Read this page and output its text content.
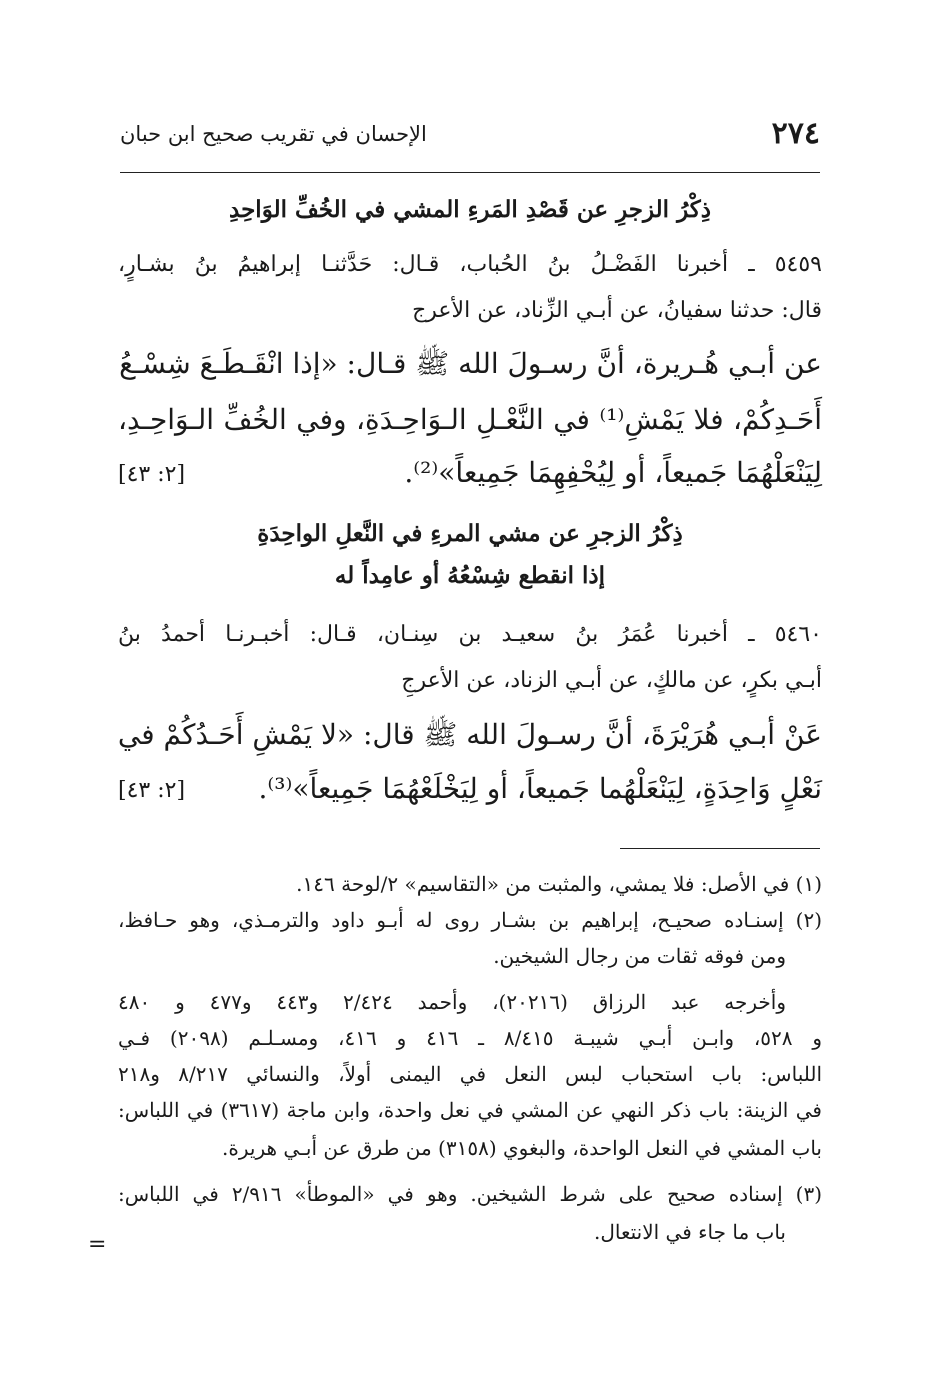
٢٧٤
الإحسان في تقريب صحيح ابن حبان
ذِكْرُ الزجرِ عن قَصْدِ المَرءِ المشي في الخُفِّ الوَاحِدِ
٥٤٥٩ ـ أخبرنا الفَضْـلُ بنُ الحُباب، قـال: حَدَّثنـا إبراهيمُ بنُ بشـارٍ،
قال: حدثنا سفيانُ، عن أبـي الزِّناد، عن الأعرج
عن أبـي هُـريرة، أنَّ رسـولَ الله ﷺ قـال: «إذا انْقَـطَـعَ شِسْـعُ
أَحَـدِكُمْ، فلا يَمْشِ⁽¹⁾ في النَّعْـلِ الـوَاحِـدَةِ، وفي الخُفِّ الـوَاحِـدِ،
لِيَنْعَلْهُمَا جَميعاً، أو لِيُحْفِهِمَا جَمِيعاً»⁽²⁾.
[٢: ٤٣]
ذِكْرُ الزجرِ عن مشي المرءِ في النَّعلِ الواحِدَةِ
إذا انقطع شِسْعُهُ أو عامِداً له
٥٤٦٠ ـ أخبرنا عُمَرُ بنُ سعيـد بن سِنـان، قـال: أخبـرنـا أحمدُ بنُ
أبـي بكرٍ، عن مالكٍ، عن أبـي الزناد، عن الأعرجِ
عَنْ أبـي هُرَيْرَةَ، أنَّ رسـولَ الله ﷺ قال: «لا يَمْشِ أَحَـدُكُمْ في
نَعْلٍ وَاحِدَةٍ، لِيَنْعَلْهُما جَميعاً، أو لِيَخْلَعْهُمَا جَمِيعاً»⁽³⁾.
[٢: ٤٣]
(١) في الأصل: فلا يمشي، والمثبت من «التقاسيم» ٢/لوحة ١٤٦.
(٢) إسنـاده صحيـح، إبراهيم بن بشـار روى له أبـو داود والترمـذي، وهو حـافظ،
ومن فوقه ثقات من رجال الشيخين.
وأخرجه عبد الرزاق (٢٠٢١٦)، وأحمد ٢/٤٢٤ و٤٤٣ و٤٧٧ و ٤٨٠
و ٥٢٨، وابـن أبـي شيبـة ٨/٤١٥ ـ ٤١٦ و ٤١٦، ومسـلـم (٢٠٩٨) فـي
اللباس: باب استحباب لبس النعل في اليمنى أولاً، والنسائي ٨/٢١٧ و٢١٨
في الزينة: باب ذكر النهي عن المشي في نعل واحدة، وابن ماجة (٣٦١٧) في اللباس:
باب المشي في النعل الواحدة، والبغوي (٣١٥٨) من طرق عن أبـي هريرة.
(٣) إسناده صحيح على شرط الشيخين. وهو في «الموطأ» ٢/٩١٦ في اللباس:
باب ما جاء في الانتعال.
=
